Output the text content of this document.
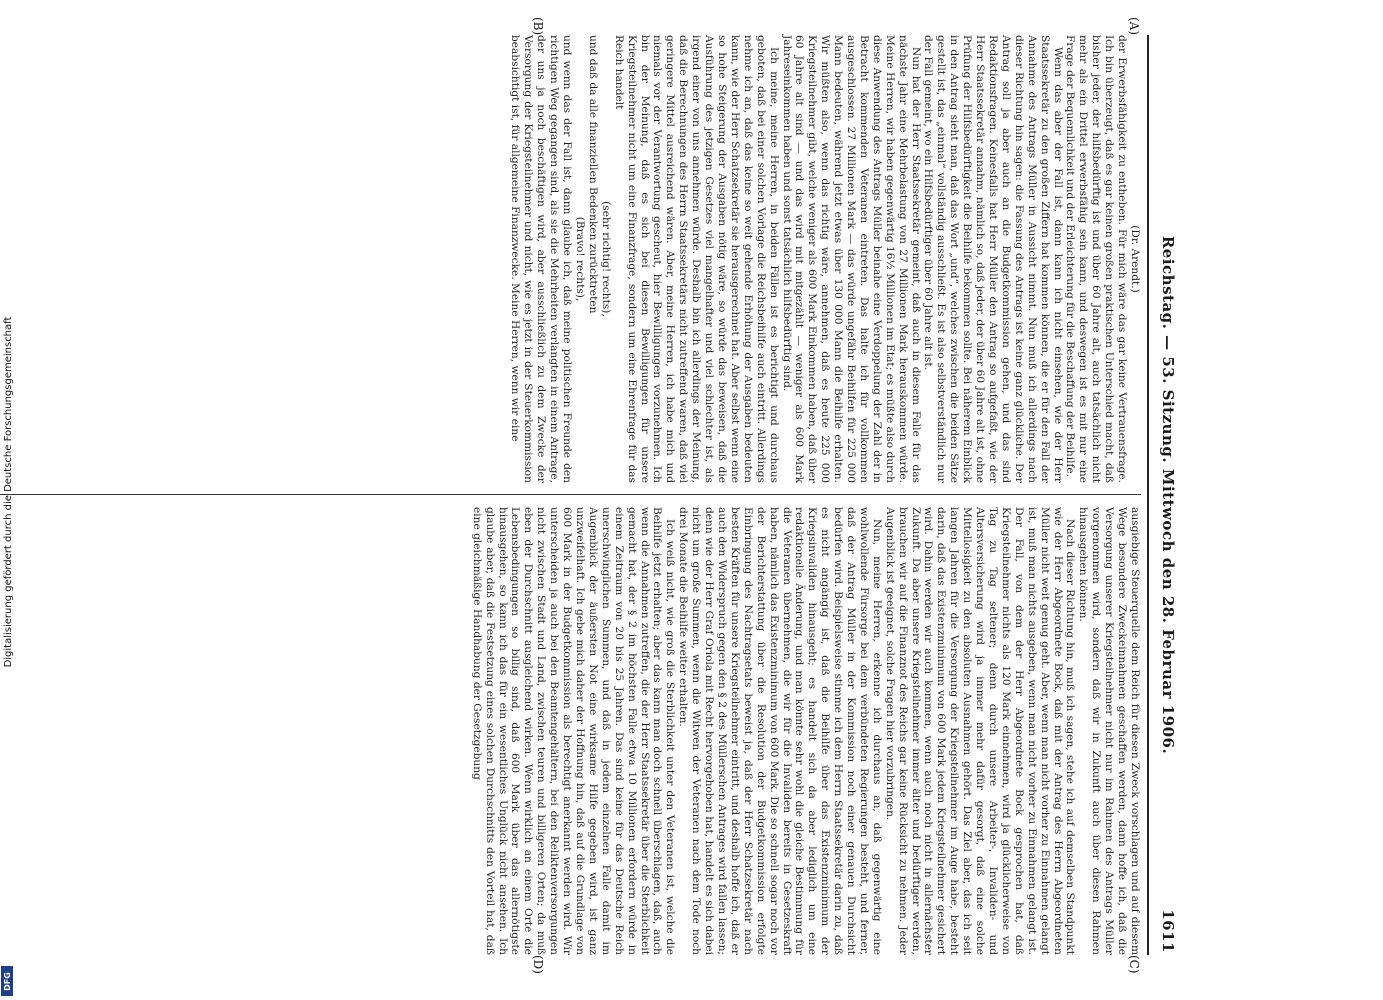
Reichstag. — 53. Sitzung. Mittwoch den 28. Februar 1906.
1611
(A)
(B)
(C)
(D)

(Dr. Arendt.)

der Erwerbsfähigkeit zu entheben. Für mich wäre das gar keine Vertrauensfrage. Ich bin überzeugt, daß es gar keinen großen praktischen Unterschied macht, daß bisher jeder, der hilfsbedürftig ist und über 60 Jahre alt, auch tatsächlich nicht mehr als ein Drittel erwerbsfähig sein kann, und deswegen ist es mit nur eine Frage der Bequemlichkeit und der Erleichterung für die Beschaffung der Beihilfe.

Wenn das aber der Fall ist, dann kann ich nicht einsehen, wie der Herr Staatssekretär zu den großen Ziffern hat kommen können, die er für den Fall der Annahme des Antrags Müller in Aussicht nimmt. Nun muß ich allerdings nach dieser Richtung hin sagen: die Fassung des Antrags ist keine ganz glückliche. Der Antrag soll ja aber auch an die Budgetkommission gehen, und das sind Redaktionsfragen. Keinesfalls hat Herr Müller den Antrag so aufgefaßt, wie der Herr Staatssekretär annahm, nämlich so, daß jeder, der über 60 Jahre alt ist, ohne Prüfung der Hilfsbedürftigkeit die Beihilfe bekommen sollte. Bei näherem Einblick in den Antrag sieht man, daß das Wort „und“, welches zwischen die beiden Sätze gestellt ist, das „einmal“ vollständig ausschließt. Es ist also selbstverständlich nur der Fall gemeint, wo ein Hilfsbedürftiger über 60 Jahre alt ist.

Nun hat der Herr Staatssekretär gemeint, daß auch in diesem Falle für das nächste Jahr eine Mehrbelastung von 27 Millionen Mark herauskommen würde. Meine Herren, wir haben gegenwärtig 16½ Millionen im Etat; es müßte also durch diese Anwendung des Antrags Müller beinahe eine Verdoppelung der Zahl der in Betracht kommenden Veteranen eintreten. Das halte ich für vollkommen ausgeschlossen. 27 Millionen Mark — das würde ungefähr Beihilfen für 225 000 Mann bedeuten, während jetzt etwas über 130 000 Mann die Beihilfe erhalten. Wir müßten also, wenn das richtig wäre, annehmen, daß es heute 225 000 Kriegsteilnehmer gibt, welche weniger als 600 Mark Einkommen haben, daß über 60 Jahre alt sind — und das wird mit mitgezählt — weniger als 600 Mark Jahreseinkommen haben und sonst tatsächlich hilfsbedürftig sind.

Ich meine, meine Herren, in beiden Fällen ist es berichtigt und durchaus geboten, daß bei einer solchen Vorlage die Reichsbeihilfe auch eintritt. Allerdings nehme ich an, daß das keine so weit gehende Erhöhung der Ausgaben bedeuten kann, wie der Herr Schatzsekretär sie herausgerechnet hat. Aber selbst wenn eine so hohe Steigerung der Ausgaben nötig wäre, so würde das beweisen, daß die Ausführung des jetzigen Gesetzes viel mangelhafter und viel schlechter ist, als irgend einer von uns annehmen würde. Deshalb bin ich allerdings der Meinung, daß die Berechnungen des Herrn Staatssekretärs nicht zutreffend waren, daß viel geringere Mittel ausreichend wären. Aber, meine Herren, ich habe mich und niemals vor der Verantwortung gescheut, hier Bewilligungen vorzunehmen. Ich bin der Meinung, daß es sich bei diesen Bewilligungen für unsere Kriegsteilnehmer nicht um eine Finanzfrage, sondern um eine Ehrenfrage für das Reich handelt

(sehr richtig! rechts),

und daß da alle finanziellen Bedenken zurücktreten

(Bravo! rechts),

und wenn das der Fall ist, dann glaube ich, daß meine politischen Freunde den richtigen Weg gegangen sind, als sie die Mehrheiten verlangten in einem Antrage, der uns ja noch beschäftigen wird, aber ausschließlich zu dem Zwecke der Versorgung der Kriegsteilnehmer und nicht, wie es jetzt in der Steuerkommission beabsichtigt ist, für allgemeine Finanzwecke. Meine Herren, wenn wir eine

ausgiebige Steuerquelle dem Reich für diesen Zweck vorschlagen und auf diesem Wege besondere Zweckeinnahmen geschaffen werden, dann hoffe ich, daß die Versorgung unserer Kriegsteilnehmer nicht nur im Rahmen des Antrags Müller vorgenommen wird, sondern daß wir in Zukunft auch über diesen Rahmen hinausgehen können.

Nach dieser Richtung hin, muß ich sagen, stehe ich auf demselben Standpunkt wie der Herr Abgeordnete Bock, daß mit der Antrag des Herrn Abgeordneten Müller nicht weit genug geht. Aber, wenn man nicht vorher zu Einnahmen gelangt ist, muß man nichts ausgeben, wenn man nicht vorher zu Einnahmen gelangt ist. Der Fall, von dem der Herr Abgeordnete Bock gesprochen hat, daß Kriegsteilnehmer nichts als 120 Mark einnehmen, wird ja glücklicherweise von Tag zu Tag seltener; denn durch unsere Arbeiter-, Invaliden- und Altersversicherung wird ja immer mehr dafür gesorgt, daß eine solche Mittellosigkeit zu den absoluten Ausnahmen gehört. Das Ziel aber, das ich seit langen Jahren für die Versorgung der Kriegsteilnehmer im Auge habe, besteht darin, daß das Existenzminimum von 600 Mark jedem Kriegsteilnehmer gesichert wird. Dahin werden wir auch kommen, wenn auch noch nicht in allernächster Zukunft. Da aber unsere Kriegsteilnehmer immer älter und bedürftiger werden, brauchen wir auf die Finanznot des Reichs gar keine Rücksicht zu nehmen. Jeder Augenblick ist geeignet, solche Fragen hier vorzubringen.

Nun, meine Herren, erkenne ich durchaus an, daß gegenwärtig eine wohlwollende Fürsorge bei dem verbündeten Regierungen besteht, und ferner, daß der Antrag Müller in der Kommission noch einer genauen Durchsicht bedürfen wird. Beispielsweise stimme ich dem Herrn Staatssekretär darin zu, daß es nicht angängig ist, daß die Beihilfe über das Existenzminimum der Kriegsinvaliden hinausgeht; es handelt sich da aber lediglich um eine redaktionelle Änderung, und man könnte sehr wohl die gleiche Bestimmung für die Veteranen übernehmen, die wir für die Invaliden bereits in Gesetzeskraft haben, nämlich das Existenzminimum von 600 Mark. Die so schnell sogar noch vor der Berichterstattung über die Resolution der Budgetkommission erfolgte Einbringung des Nachtragsetats beweist ja, daß der Herr Schatzsekretär nach besten Kräften für unsere Kriegsteilnehmer eintritt, und deshalb hoffe ich, daß er auch den Widerspruch gegen den § 2 des Müllerschen Antrages wird fallen lassen; denn wie der Herr Graf Oriola mit Recht hervorgehoben hat, handelt es sich dabei nicht um große Summen, wenn die Witwen der Veteranen nach dem Tode noch drei Monate die Beihilfe weiter erhalten.

Ich weiß nicht, wie groß die Sterblichkeit unter den Veteranen ist, welche die Beihilfe jetzt erhalten; aber das kann man doch schnell überschlagen, daß, auch wenn die Annahmen zutreffen, die der Herr Staatssekretär über die Sterblichkeit gemacht hat, der § 2 im höchsten Falle etwa 10 Millionen erfordern würde in einem Zeitraum von 20 bis 25 Jahren. Das sind keine für das Deutsche Reich unerschwinglichen Summen, und daß in jedem einzelnen Falle damit im Augenblick der äußersten Not eine wirksame Hilfe gegeben wird, ist ganz unzweifelhaft. Ich gebe mich daher der Hoffnung hin, daß auf die Grundlage von 600 Mark in der Budgetkommission als berechtigt anerkannt werden wird. Wir unterscheiden ja auch bei den Beamtengehältern, bei den Reliktenversorgungen nicht zwischen Stadt und Land, zwischen teuren und billigeren Orten; da muß eben der Durchschnitt ausgleichend wirken. Wenn wirklich an einem Orte die Lebensbedingungen so billig sind, daß 600 Mark über das allernötigste hinausgehen, so kann ich das für ein wesentliches Unglück nicht ansehen. Ich glaube aber, daß die Festsetzung eines solchen Durchschnitts den Vorteil hat, daß eine gleichmäßige Handhabung der Gesetzgebung

Digitalisierung gefördert durch die Deutsche Forschungsgemeinschaft
DFG
